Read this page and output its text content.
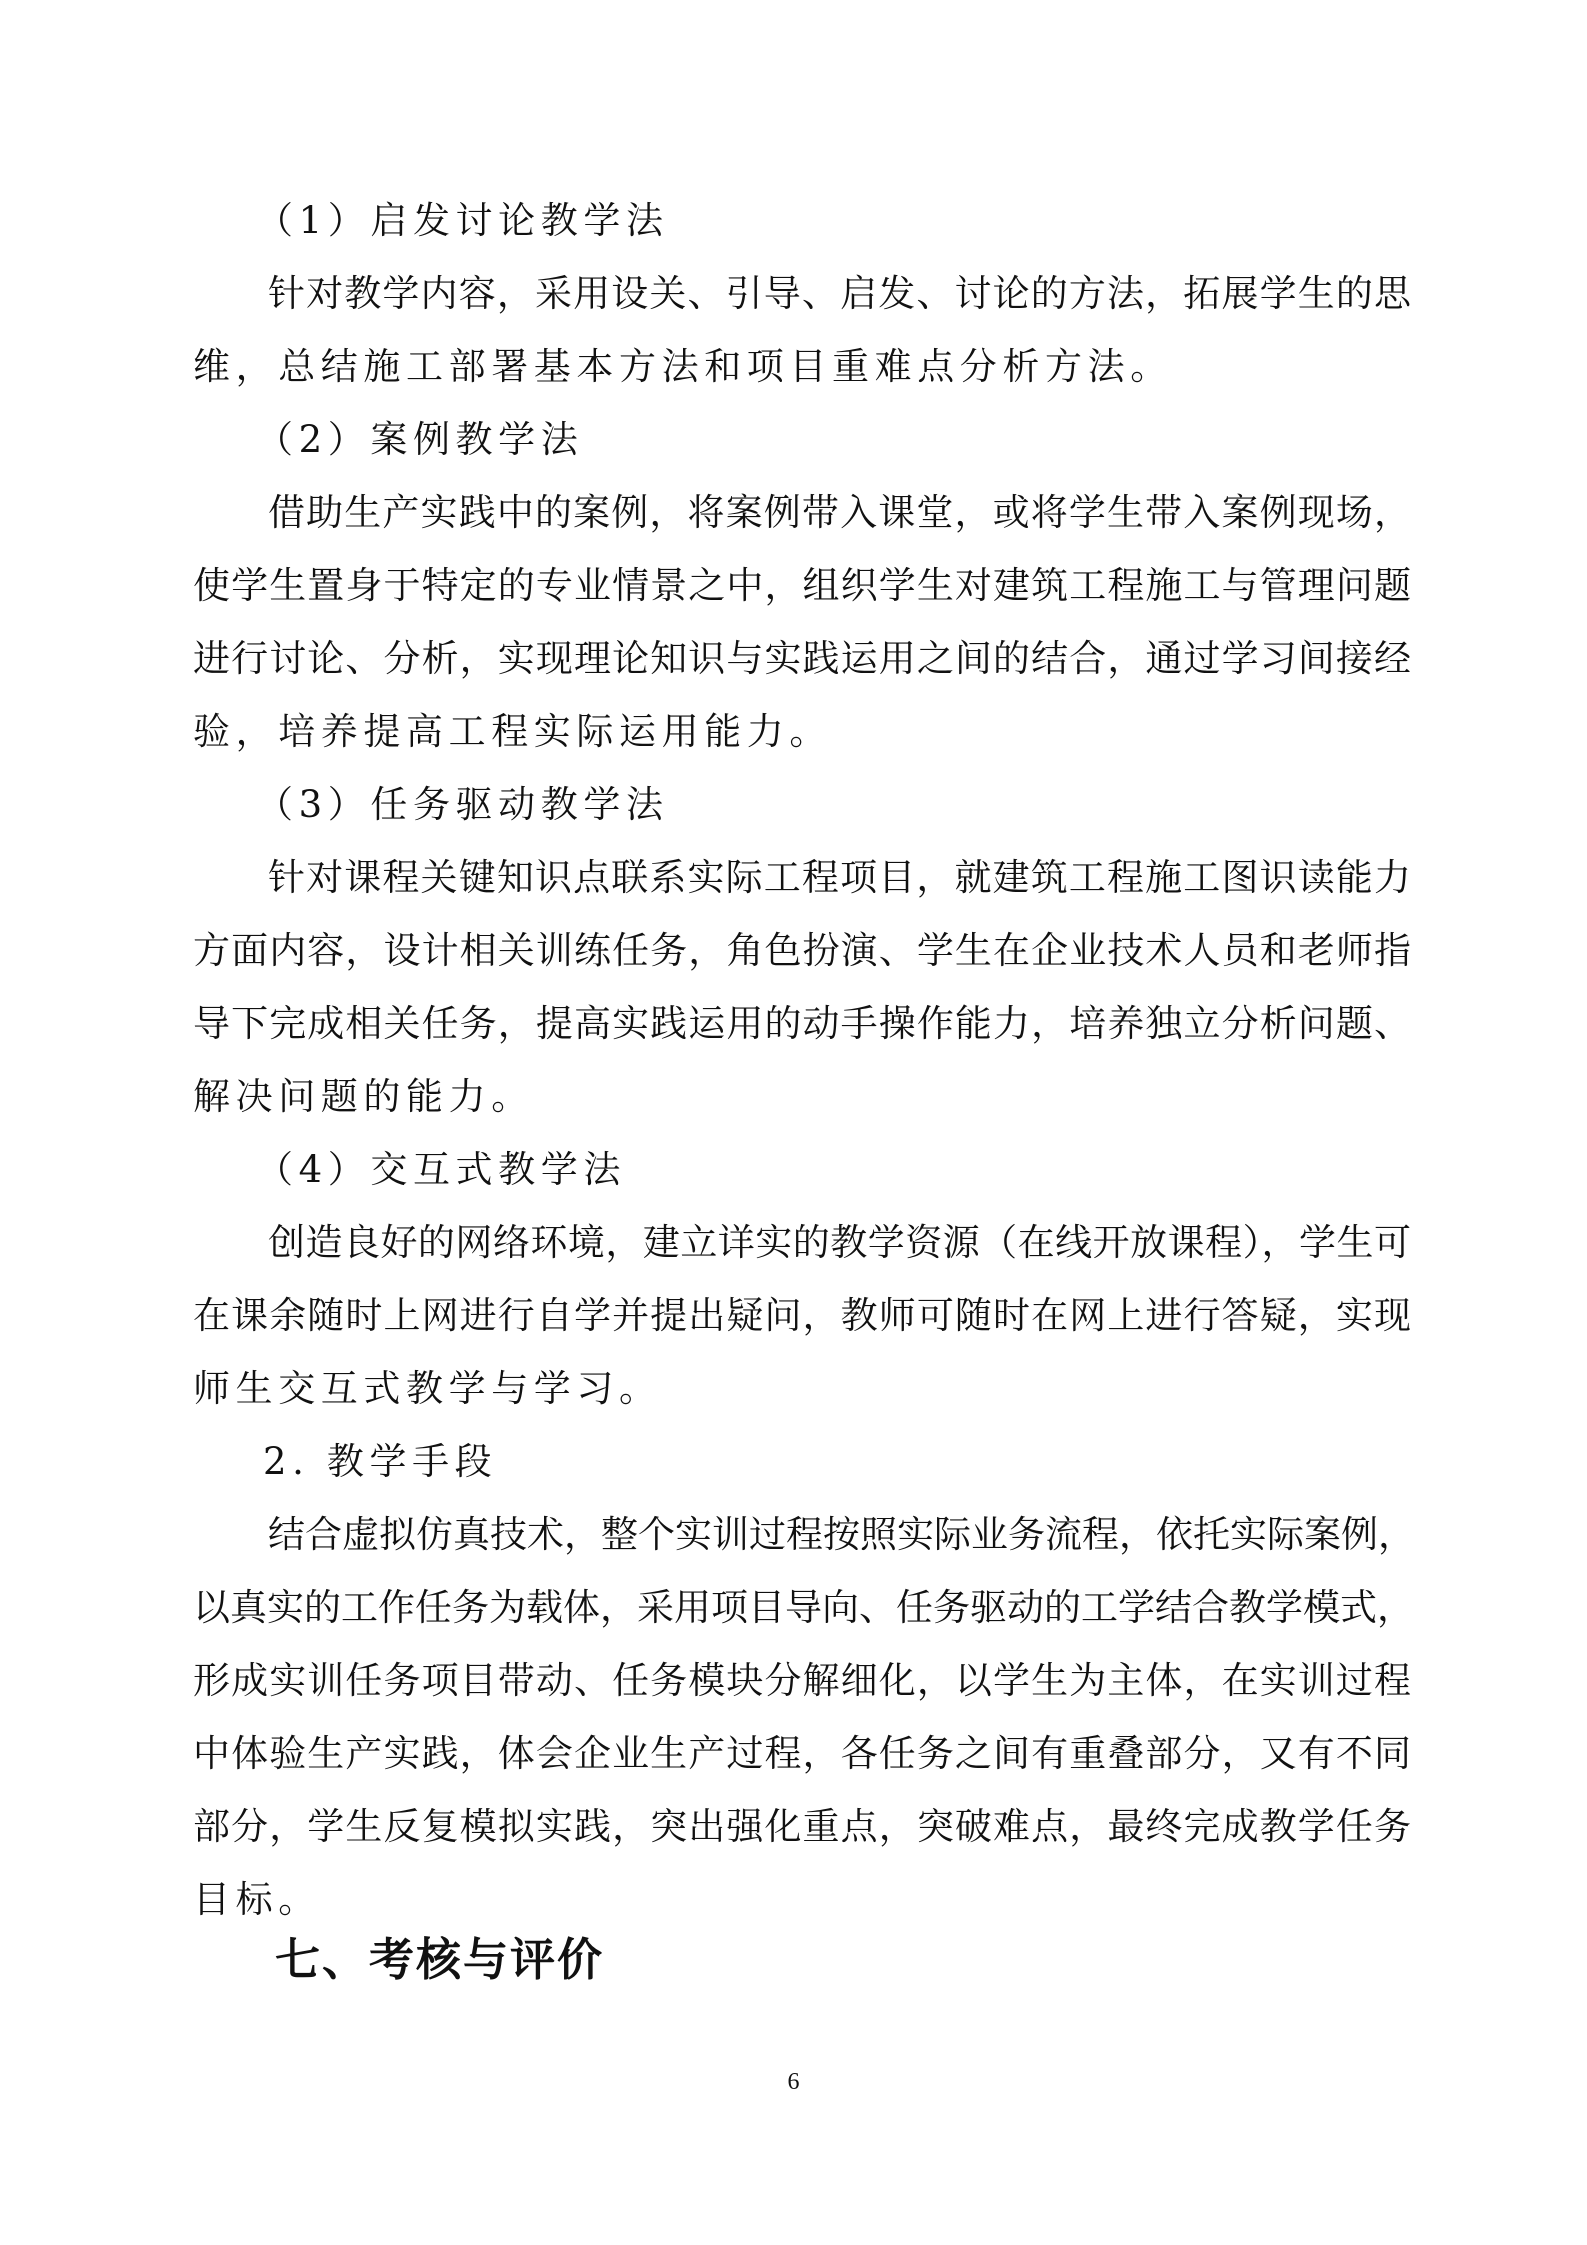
（1）启发讨论教学法
针对教学内容，采用设关、引导、启发、讨论的方法，拓展学生的思
维，总结施工部署基本方法和项目重难点分析方法。
（2）案例教学法
借助生产实践中的案例，将案例带入课堂，或将学生带入案例现场，
使学生置身于特定的专业情景之中，组织学生对建筑工程施工与管理问题
进行讨论、分析，实现理论知识与实践运用之间的结合，通过学习间接经
验，培养提高工程实际运用能力。
（3）任务驱动教学法
针对课程关键知识点联系实际工程项目，就建筑工程施工图识读能力
方面内容，设计相关训练任务，角色扮演、学生在企业技术人员和老师指
导下完成相关任务，提高实践运用的动手操作能力，培养独立分析问题、
解决问题的能力。
（4）交互式教学法
创造良好的网络环境，建立详实的教学资源（在线开放课程），学生可
在课余随时上网进行自学并提出疑问，教师可随时在网上进行答疑，实现
师生交互式教学与学习。
2. 教学手段
结合虚拟仿真技术，整个实训过程按照实际业务流程，依托实际案例，
以真实的工作任务为载体，采用项目导向、任务驱动的工学结合教学模式，
形成实训任务项目带动、任务模块分解细化，以学生为主体，在实训过程
中体验生产实践，体会企业生产过程，各任务之间有重叠部分，又有不同
部分，学生反复模拟实践，突出强化重点，突破难点，最终完成教学任务
目标。
七、考核与评价
6
